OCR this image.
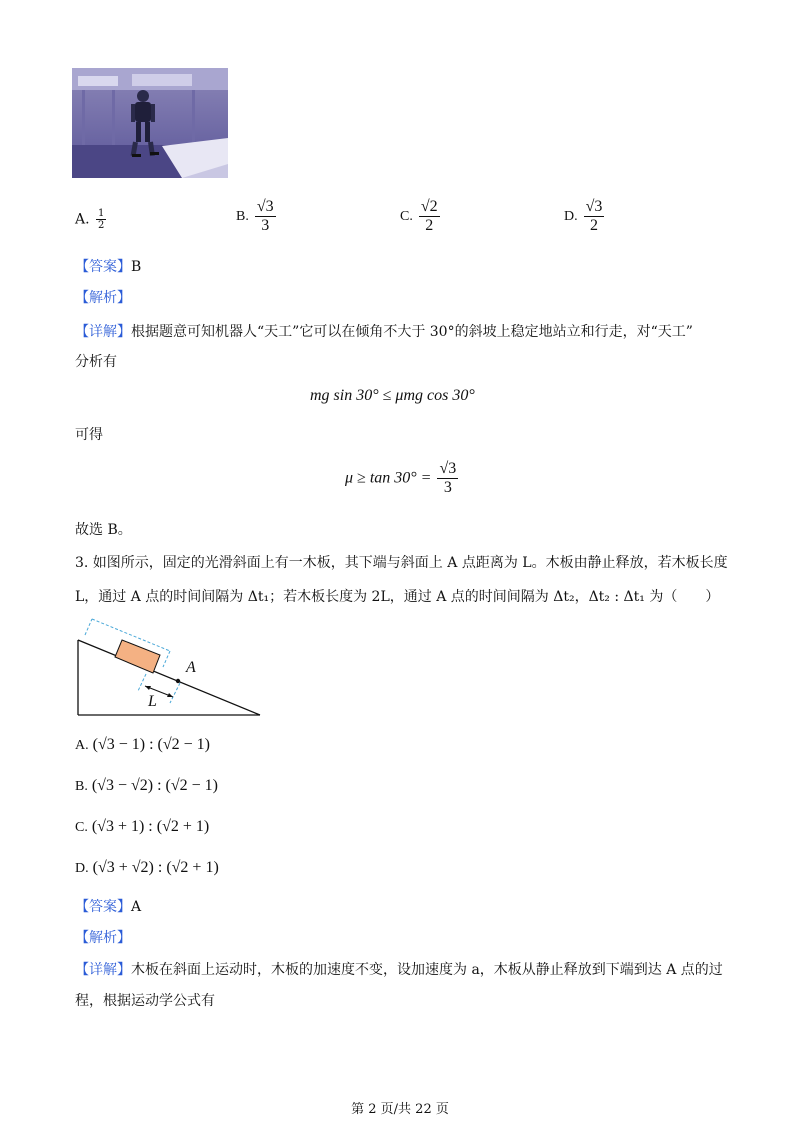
A. $\frac{1}{2}$	B. $\frac{√3}{3}$	C. $\frac{√2}{2}$	D. $\frac{√3}{2}$
【答案】B
【解析】
【详解】根据题意可知机器人“天工”它可以在倾角不大于 30°的斜坡上稳定地站立和行走，对“天工”
分析有
mg sin 30° ≤ μmg cos 30°
可得
$\mu \ge \tan 30^\circ = \frac{√3}{3}$
故选 B。
3. 如图所示，固定的光滑斜面上有一木板，其下端与斜面上 A 点距离为 L。木板由静止释放，若木板长度
L，通过 A 点的时间间隔为 Δt₁；若木板长度为 2L，通过 A 点的时间间隔为 Δt₂，Δt₂ : Δt₁ 为（　　）
A
L
A. (√3 − 1) : (√2 − 1)
B. (√3 − √2) : (√2 − 1)
C. (√3 + 1) : (√2 + 1)
D. (√3 + √2) : (√2 + 1)
【答案】A
【解析】
【详解】木板在斜面上运动时，木板的加速度不变，设加速度为 a，木板从静止释放到下端到达 A 点的过
程，根据运动学公式有
第 2 页/共 22 页
